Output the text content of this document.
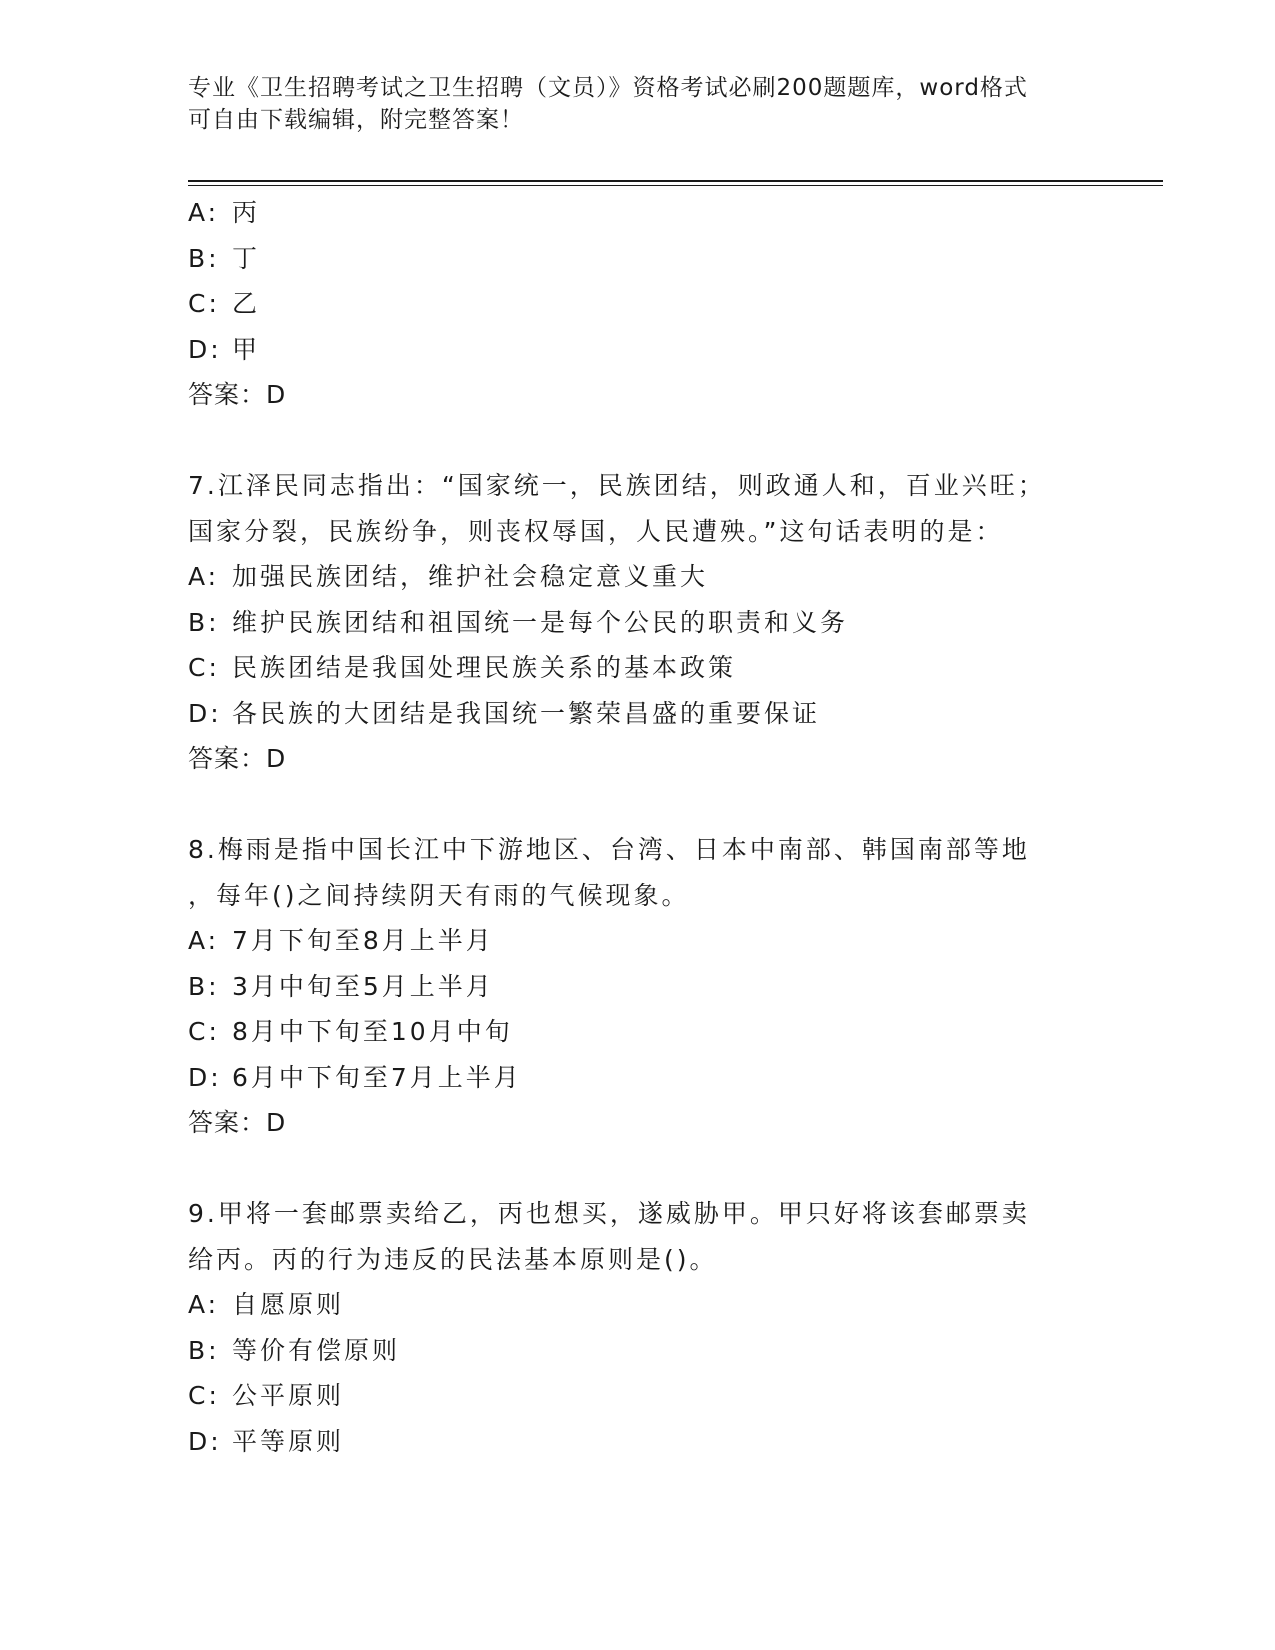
专业《卫生招聘考试之卫生招聘（文员）》资格考试必刷200题题库，word格式
可自由下载编辑，附完整答案！
A: 丙
B: 丁
C: 乙
D: 甲
答案：D
7.江泽民同志指出：“国家统一，民族团结，则政通人和，百业兴旺；
国家分裂，民族纷争，则丧权辱国，人民遭殃。”这句话表明的是：
A: 加强民族团结，维护社会稳定意义重大
B: 维护民族团结和祖国统一是每个公民的职责和义务
C: 民族团结是我国处理民族关系的基本政策
D: 各民族的大团结是我国统一繁荣昌盛的重要保证
答案：D
8.梅雨是指中国长江中下游地区、台湾、日本中南部、韩国南部等地
，每年()之间持续阴天有雨的气候现象。
A: 7月下旬至8月上半月
B: 3月中旬至5月上半月
C: 8月中下旬至10月中旬
D: 6月中下旬至7月上半月
答案：D
9.甲将一套邮票卖给乙，丙也想买，遂威胁甲。甲只好将该套邮票卖
给丙。丙的行为违反的民法基本原则是()。
A: 自愿原则
B: 等价有偿原则
C: 公平原则
D: 平等原则
